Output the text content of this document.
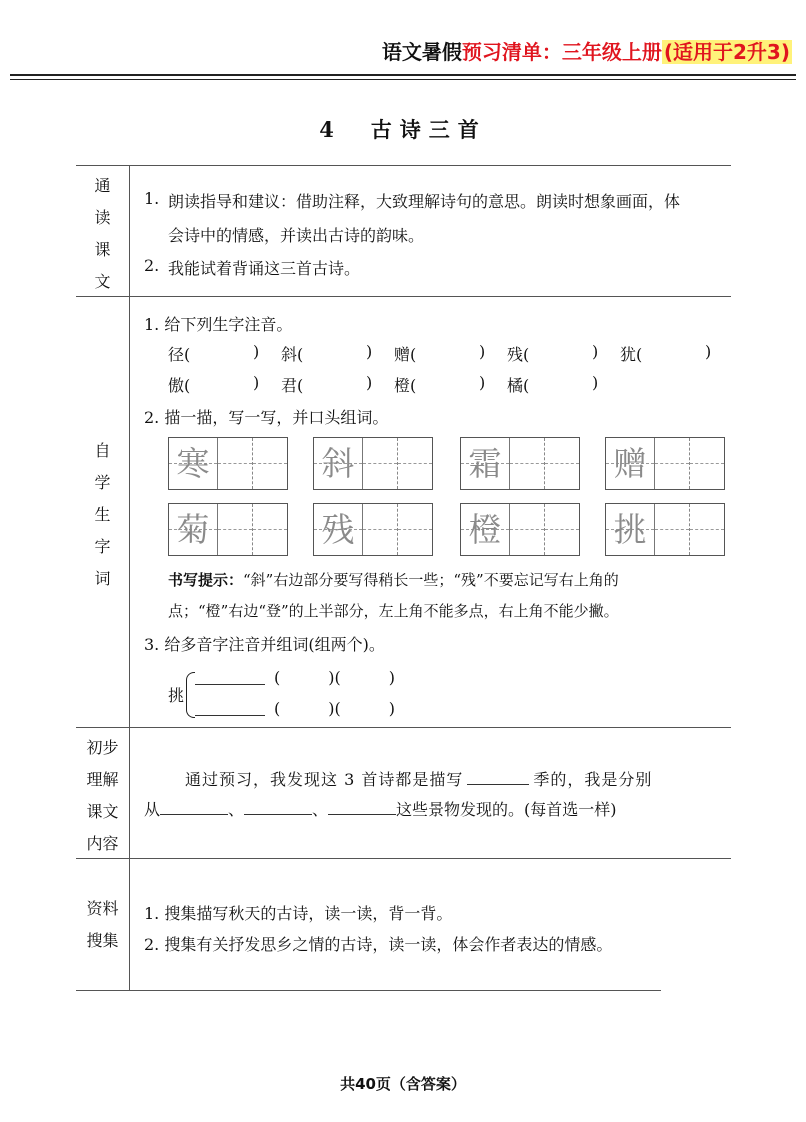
语文暑假预习清单：三年级上册 (适用于2升3)
4　古诗三首
通
读
课
文
1. 朗读指导和建议：借助注释，大致理解诗句的意思。朗读时想象画面，体
会诗中的情感，并读出古诗的韵味。
2. 我能试着背诵这三首古诗。
自
学
生
字
词
1. 给下列生字注音。
径(	) 斜(	) 赠(	) 残(	) 犹(	)
傲(	) 君(	) 橙(	) 橘(	)
2. 描一描，写一写，并口头组词。
寒	斜	霜	赠
菊	残	橙	挑
书写提示：“斜”右边部分要写得稍长一些；“残”不要忘记写右上角的
点；“橙”右边“登”的上半部分，左上角不能多点，右上角不能少撇。
3. 给多音字注音并组词(组两个)。
挑
(　　　)(　　　)
(　　　)(　　　)
初步
理解
课文
内容
通过预习，我发现这 3 首诗都是描写	季的，我是分别
从	、	、	这些景物发现的。(每首选一样)
资料
搜集
1. 搜集描写秋天的古诗，读一读，背一背。
2. 搜集有关抒发思乡之情的古诗，读一读，体会作者表达的情感。
共40页（含答案）
